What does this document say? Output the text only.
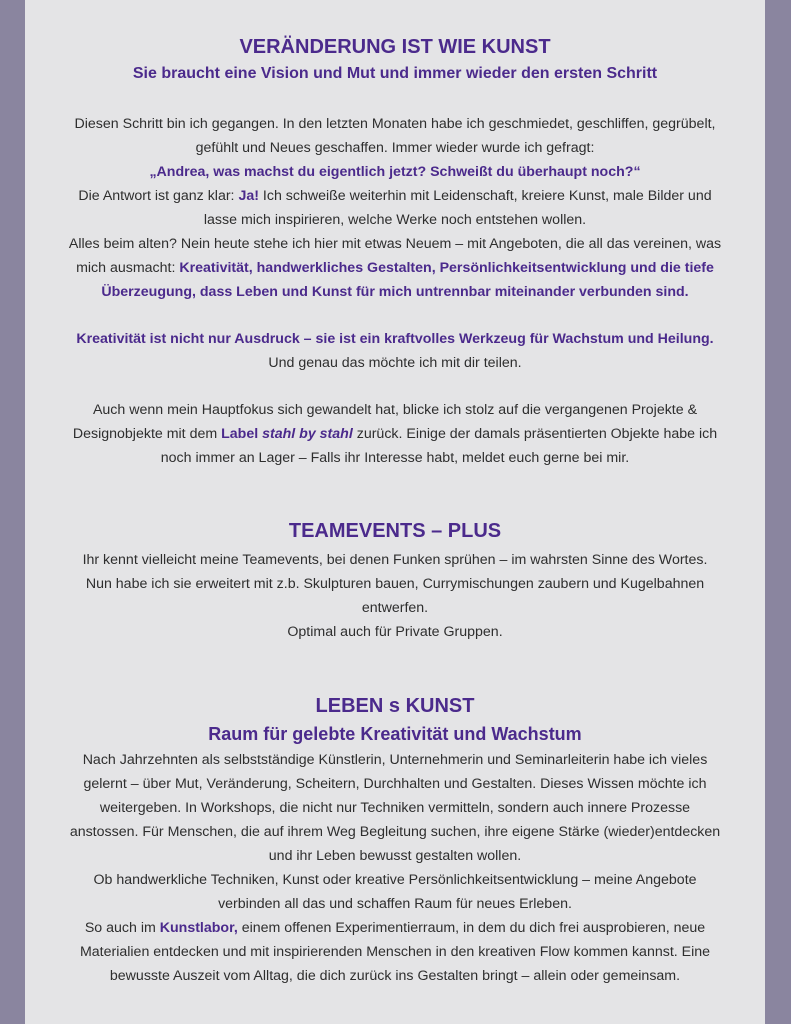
VERÄNDERUNG IST WIE KUNST
Sie braucht eine Vision und Mut und immer wieder den ersten Schritt

Diesen Schritt bin ich gegangen. In den letzten Monaten habe ich geschmiedet, geschliffen, gegrübelt,

gefühlt und Neues geschaffen. Immer wieder wurde ich gefragt:

„Andrea, was machst du eigentlich jetzt? Schweißt du überhaupt noch?“

Die Antwort ist ganz klar: Ja! Ich schweiße weiterhin mit Leidenschaft, kreiere Kunst, male Bilder und

lasse mich inspirieren, welche Werke noch entstehen wollen.

Alles beim alten? Nein heute stehe ich hier mit etwas Neuem – mit Angeboten, die all das vereinen, was

mich ausmacht: Kreativität, handwerkliches Gestalten, Persönlichkeitsentwicklung und die tiefe

Überzeugung, dass Leben und Kunst für mich untrennbar miteinander verbunden sind.

Kreativität ist nicht nur Ausdruck – sie ist ein kraftvolles Werkzeug für Wachstum und Heilung.

Und genau das möchte ich mit dir teilen.

Auch wenn mein Hauptfokus sich gewandelt hat, blicke ich stolz auf die vergangenen Projekte &

Designobjekte mit dem Label stahl by stahl zurück. Einige der damals präsentierten Objekte habe ich

noch immer an Lager – Falls ihr Interesse habt, meldet euch gerne bei mir.

TEAMEVENTS – PLUS

Ihr kennt vielleicht meine Teamevents, bei denen Funken sprühen – im wahrsten Sinne des Wortes.

Nun habe ich sie erweitert mit z.b. Skulpturen bauen, Currymischungen zaubern und Kugelbahnen

entwerfen.

Optimal auch für Private Gruppen.

LEBEN s KUNST
Raum für gelebte Kreativität und Wachstum

Nach Jahrzehnten als selbstständige Künstlerin, Unternehmerin und Seminarleiterin habe ich vieles

gelernt – über Mut, Veränderung, Scheitern, Durchhalten und Gestalten. Dieses Wissen möchte ich

weitergeben. In Workshops, die nicht nur Techniken vermitteln, sondern auch innere Prozesse

anstossen. Für Menschen, die auf ihrem Weg Begleitung suchen, ihre eigene Stärke (wieder)entdecken

und ihr Leben bewusst gestalten wollen.

Ob handwerkliche Techniken, Kunst oder kreative Persönlichkeitsentwicklung – meine Angebote

verbinden all das und schaffen Raum für neues Erleben.

So auch im Kunstlabor, einem offenen Experimentierraum, in dem du dich frei ausprobieren, neue

Materialien entdecken und mit inspirierenden Menschen in den kreativen Flow kommen kannst. Eine

bewusste Auszeit vom Alltag, die dich zurück ins Gestalten bringt – allein oder gemeinsam.
